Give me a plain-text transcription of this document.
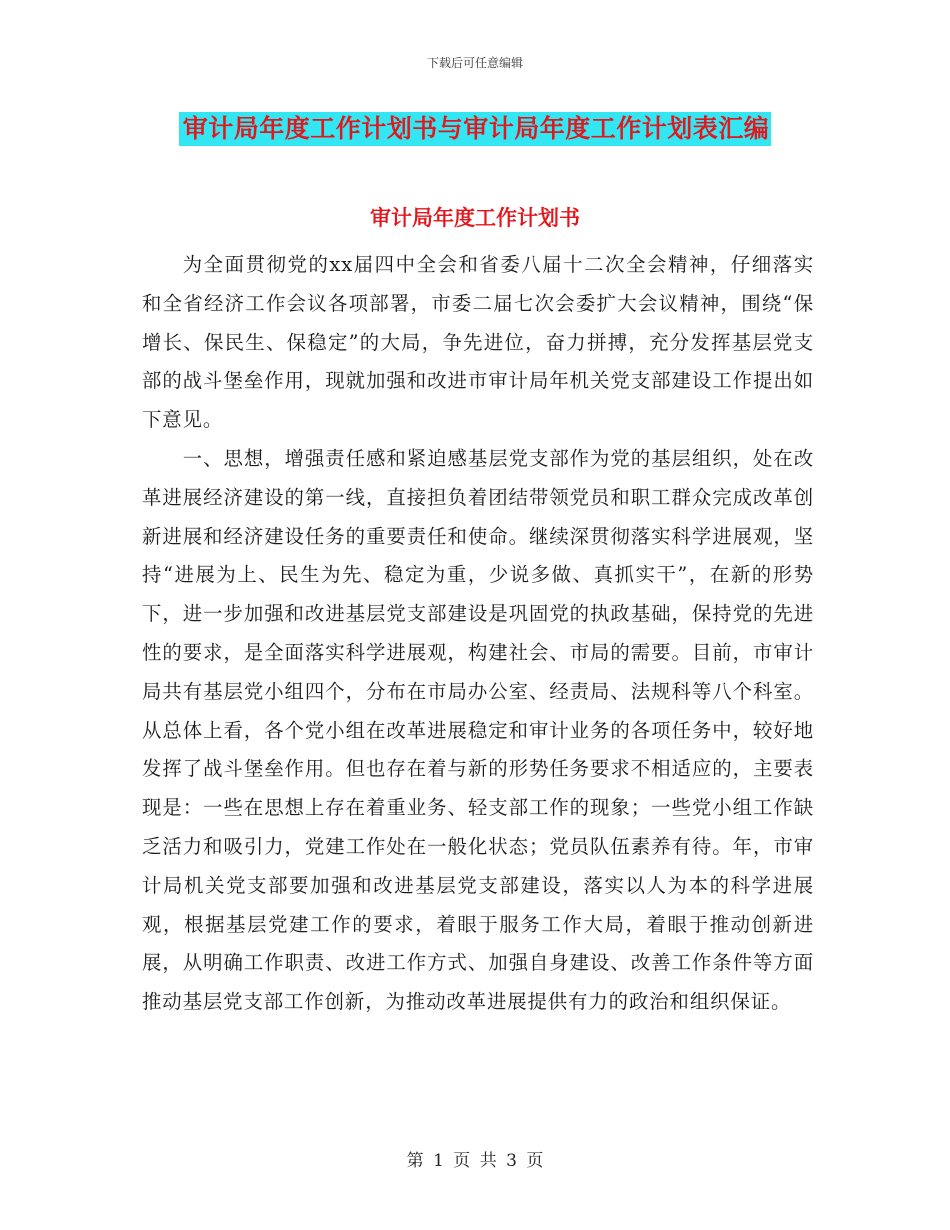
下载后可任意编辑
审计局年度工作计划书与审计局年度工作计划表汇编
审计局年度工作计划书

为全面贯彻党的xx届四中全会和省委八届十二次全会精神，仔细落实和全省经济工作会议各项部署，市委二届七次会委扩大会议精神，围绕“保增长、保民生、保稳定”的大局，争先进位，奋力拼搏，充分发挥基层党支部的战斗堡垒作用，现就加强和改进市审计局年机关党支部建设工作提出如下意见。

一、思想，增强责任感和紧迫感基层党支部作为党的基层组织，处在改革进展经济建设的第一线，直接担负着团结带领党员和职工群众完成改革创新进展和经济建设任务的重要责任和使命。继续深贯彻落实科学进展观，坚持“进展为上、民生为先、稳定为重，少说多做、真抓实干”，在新的形势下，进一步加强和改进基层党支部建设是巩固党的执政基础，保持党的先进性的要求，是全面落实科学进展观，构建社会、市局的需要。目前，市审计局共有基层党小组四个，分布在市局办公室、经责局、法规科等八个科室。从总体上看，各个党小组在改革进展稳定和审计业务的各项任务中，较好地发挥了战斗堡垒作用。但也存在着与新的形势任务要求不相适应的，主要表现是：一些在思想上存在着重业务、轻支部工作的现象；一些党小组工作缺乏活力和吸引力，党建工作处在一般化状态；党员队伍素养有待。年，市审计局机关党支部要加强和改进基层党支部建设，落实以人为本的科学进展观，根据基层党建工作的要求，着眼于服务工作大局，着眼于推动创新进展，从明确工作职责、改进工作方式、加强自身建设、改善工作条件等方面推动基层党支部工作创新，为推动改革进展提供有力的政治和组织保证。

第 1 页 共 3 页
